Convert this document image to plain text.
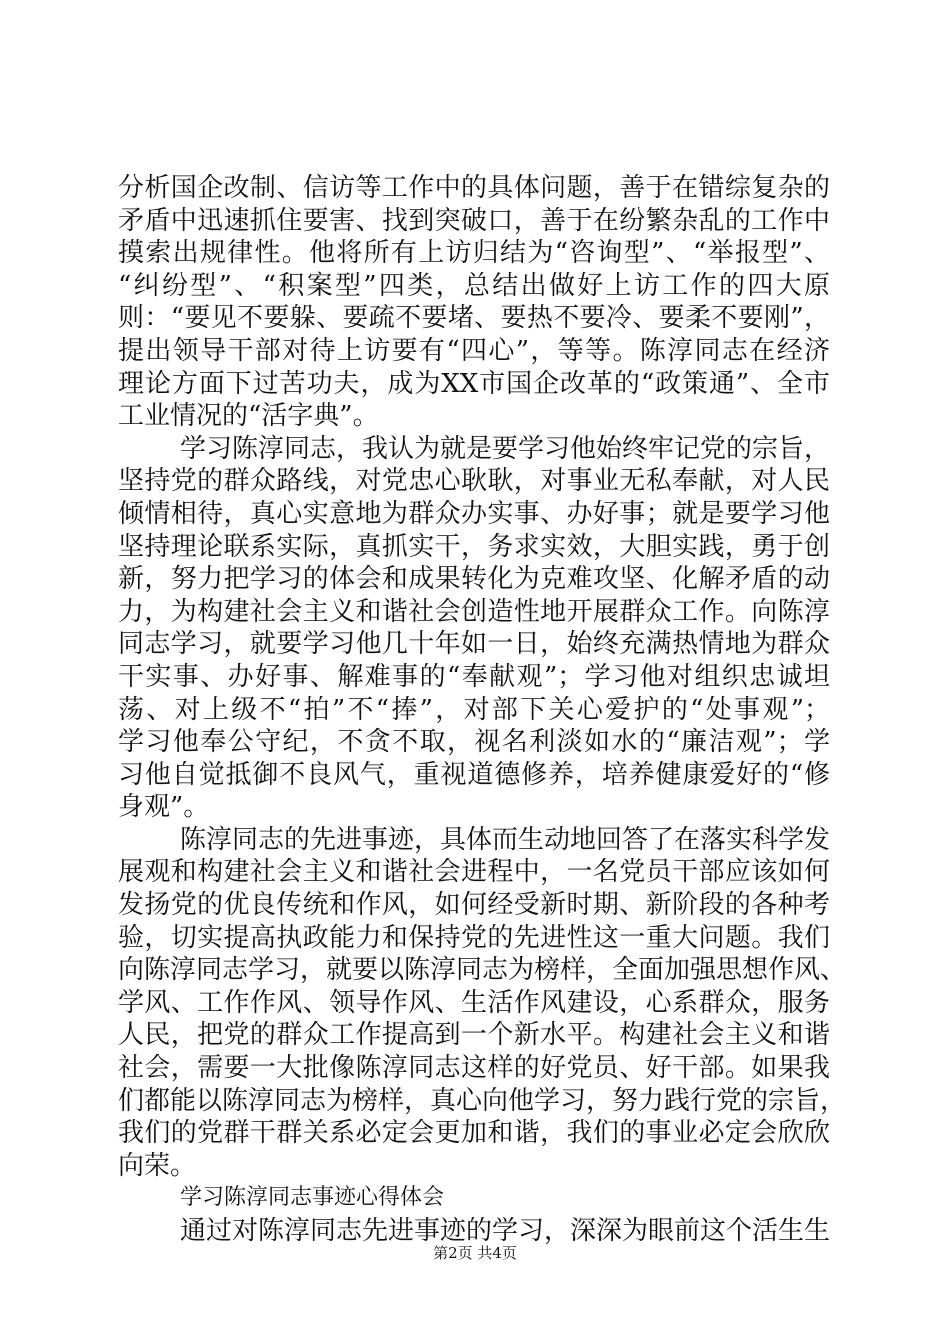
分析国企改制、信访等工作中的具体问题，善于在错综复杂的
矛盾中迅速抓住要害、找到突破口，善于在纷繁杂乱的工作中
摸索出规律性。他将所有上访归结为“咨询型”、“举报型”、
“纠纷型”、“积案型”四类，总结出做好上访工作的四大原
则：“要见不要躲、要疏不要堵、要热不要冷、要柔不要刚”，
提出领导干部对待上访要有“四心”，等等。陈淳同志在经济
理论方面下过苦功夫，成为XX市国企改革的“政策通”、全市
工业情况的“活字典”。
学习陈淳同志，我认为就是要学习他始终牢记党的宗旨，
坚持党的群众路线，对党忠心耿耿，对事业无私奉献，对人民
倾情相待，真心实意地为群众办实事、办好事；就是要学习他
坚持理论联系实际，真抓实干，务求实效，大胆实践，勇于创
新，努力把学习的体会和成果转化为克难攻坚、化解矛盾的动
力，为构建社会主义和谐社会创造性地开展群众工作。向陈淳
同志学习，就要学习他几十年如一日，始终充满热情地为群众
干实事、办好事、解难事的“奉献观”；学习他对组织忠诚坦
荡、对上级不“拍”不“捧”，对部下关心爱护的“处事观”；
学习他奉公守纪，不贪不取，视名利淡如水的“廉洁观”；学
习他自觉抵御不良风气，重视道德修养，培养健康爱好的“修
身观”。
陈淳同志的先进事迹，具体而生动地回答了在落实科学发
展观和构建社会主义和谐社会进程中，一名党员干部应该如何
发扬党的优良传统和作风，如何经受新时期、新阶段的各种考
验，切实提高执政能力和保持党的先进性这一重大问题。我们
向陈淳同志学习，就要以陈淳同志为榜样，全面加强思想作风、
学风、工作作风、领导作风、生活作风建设，心系群众，服务
人民，把党的群众工作提高到一个新水平。构建社会主义和谐
社会，需要一大批像陈淳同志这样的好党员、好干部。如果我
们都能以陈淳同志为榜样，真心向他学习，努力践行党的宗旨，
我们的党群干群关系必定会更加和谐，我们的事业必定会欣欣
向荣。
学习陈淳同志事迹心得体会
通过对陈淳同志先进事迹的学习，深深为眼前这个活生生
第2页 共4页
